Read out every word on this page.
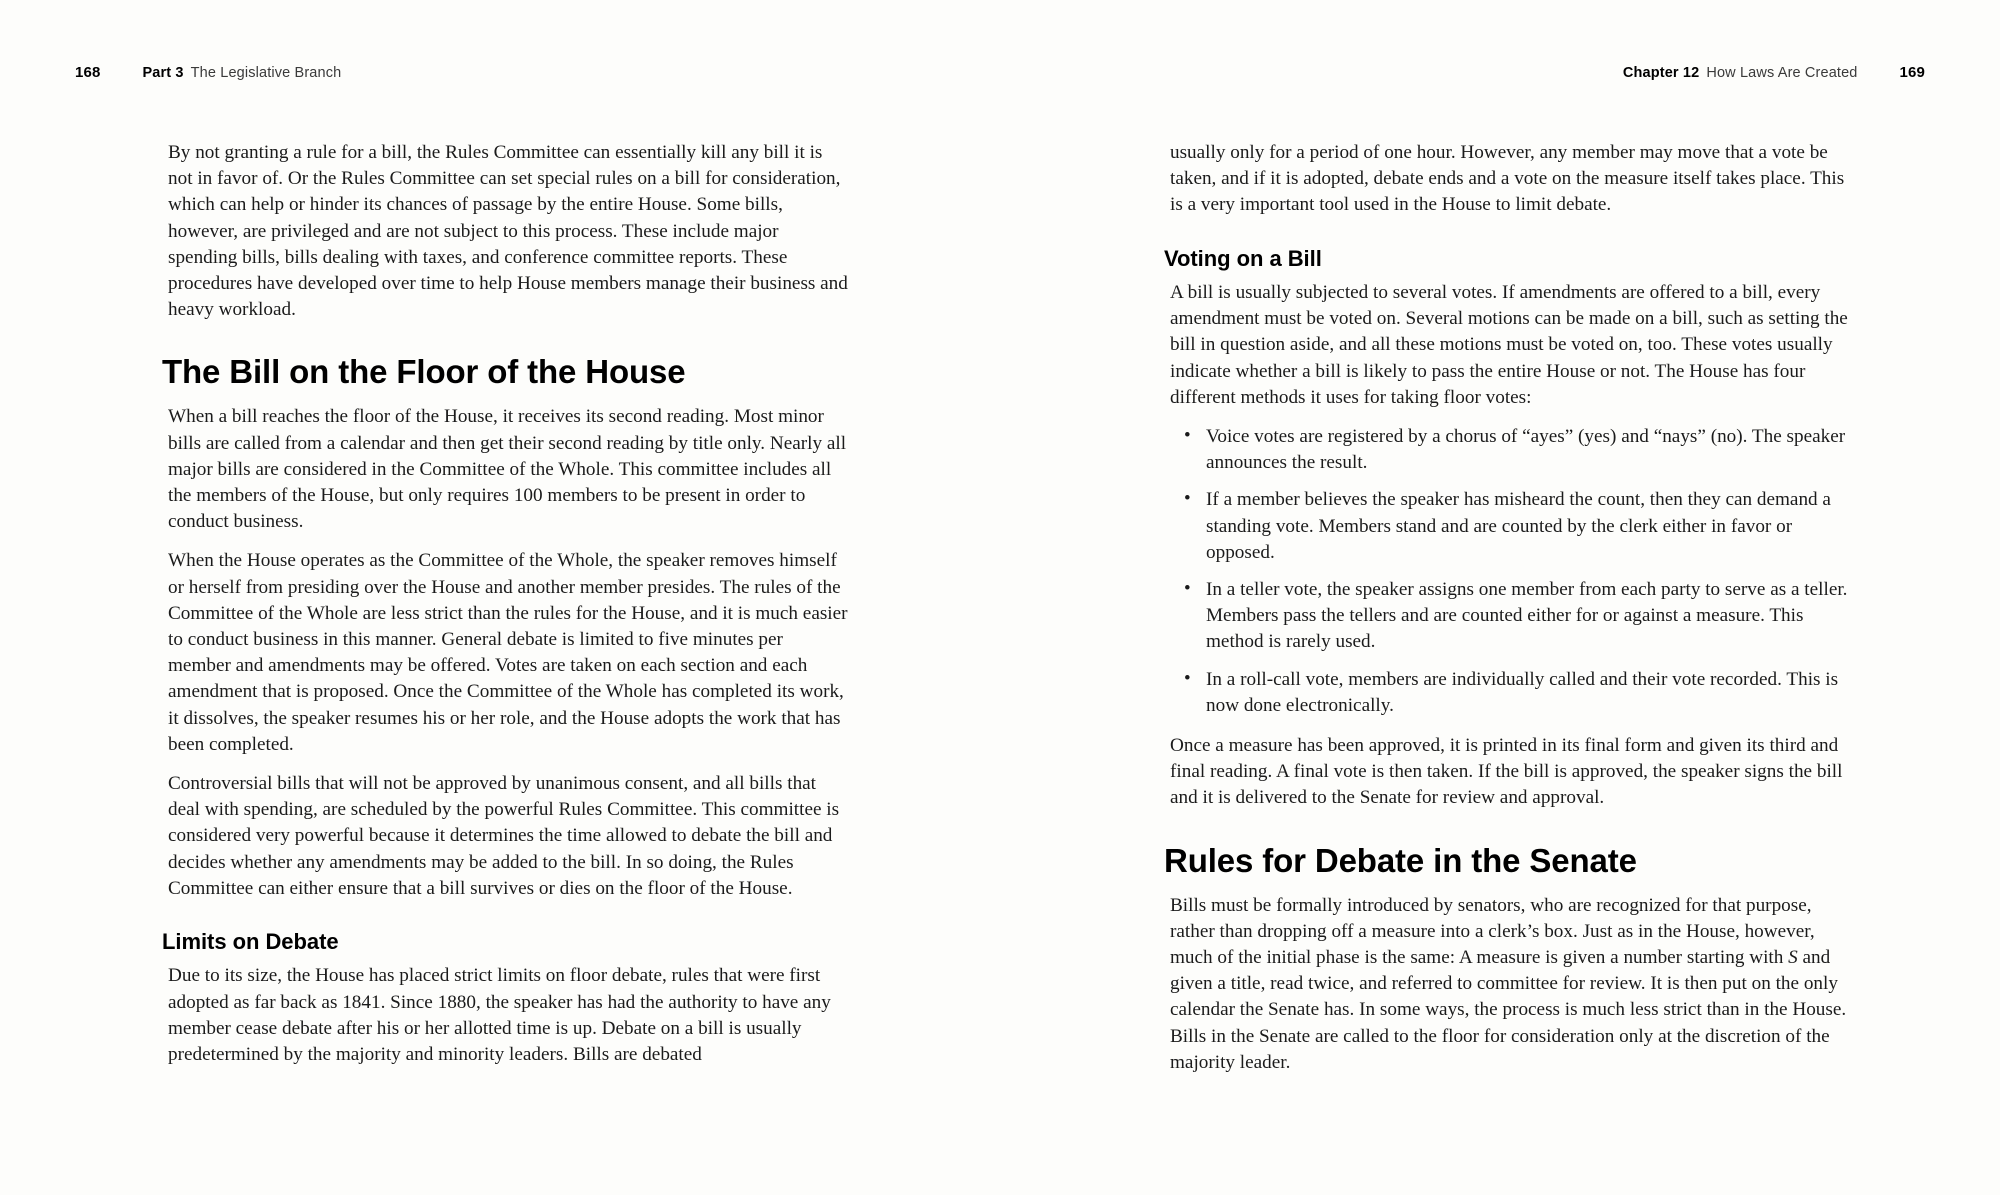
168	Part 3 The Legislative Branch

By not granting a rule for a bill, the Rules Committee can essentially kill any bill it is not in favor of. Or the Rules Committee can set special rules on a bill for consideration, which can help or hinder its chances of passage by the entire House. Some bills, however, are privileged and are not subject to this process. These include major spending bills, bills dealing with taxes, and conference committee reports. These procedures have developed over time to help House members manage their business and heavy workload.

The Bill on the Floor of the House

When a bill reaches the floor of the House, it receives its second reading. Most minor bills are called from a calendar and then get their second reading by title only. Nearly all major bills are considered in the Committee of the Whole. This committee includes all the members of the House, but only requires 100 members to be present in order to conduct business.

When the House operates as the Committee of the Whole, the speaker removes himself or herself from presiding over the House and another member presides. The rules of the Committee of the Whole are less strict than the rules for the House, and it is much easier to conduct business in this manner. General debate is limited to five minutes per member and amendments may be offered. Votes are taken on each section and each amendment that is proposed. Once the Committee of the Whole has completed its work, it dissolves, the speaker resumes his or her role, and the House adopts the work that has been completed.

Controversial bills that will not be approved by unanimous consent, and all bills that deal with spending, are scheduled by the powerful Rules Committee. This committee is considered very powerful because it determines the time allowed to debate the bill and decides whether any amendments may be added to the bill. In so doing, the Rules Committee can either ensure that a bill survives or dies on the floor of the House.

Limits on Debate

Due to its size, the House has placed strict limits on floor debate, rules that were first adopted as far back as 1841. Since 1880, the speaker has had the authority to have any member cease debate after his or her allotted time is up. Debate on a bill is usually predetermined by the majority and minority leaders. Bills are debated

Chapter 12 How Laws Are Created	169

usually only for a period of one hour. However, any member may move that a vote be taken, and if it is adopted, debate ends and a vote on the measure itself takes place. This is a very important tool used in the House to limit debate.

Voting on a Bill

A bill is usually subjected to several votes. If amendments are offered to a bill, every amendment must be voted on. Several motions can be made on a bill, such as setting the bill in question aside, and all these motions must be voted on, too. These votes usually indicate whether a bill is likely to pass the entire House or not. The House has four different methods it uses for taking floor votes:

• Voice votes are registered by a chorus of “ayes” (yes) and “nays” (no). The speaker announces the result.
• If a member believes the speaker has misheard the count, then they can demand a standing vote. Members stand and are counted by the clerk either in favor or opposed.
• In a teller vote, the speaker assigns one member from each party to serve as a teller. Members pass the tellers and are counted either for or against a measure. This method is rarely used.
• In a roll-call vote, members are individually called and their vote recorded. This is now done electronically.

Once a measure has been approved, it is printed in its final form and given its third and final reading. A final vote is then taken. If the bill is approved, the speaker signs the bill and it is delivered to the Senate for review and approval.

Rules for Debate in the Senate

Bills must be formally introduced by senators, who are recognized for that purpose, rather than dropping off a measure into a clerk’s box. Just as in the House, however, much of the initial phase is the same: A measure is given a number starting with S and given a title, read twice, and referred to committee for review. It is then put on the only calendar the Senate has. In some ways, the process is much less strict than in the House. Bills in the Senate are called to the floor for consideration only at the discretion of the majority leader.
